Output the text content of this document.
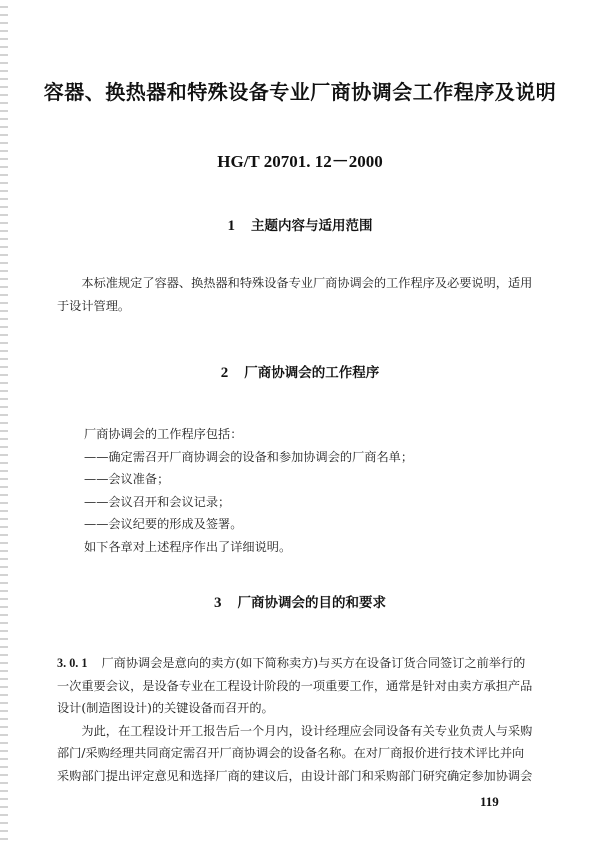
容器、换热器和特殊设备专业厂商协调会工作程序及说明
HG/T 20701. 12－2000
1 主题内容与适用范围
本标准规定了容器、换热器和特殊设备专业厂商协调会的工作程序及必要说明，适用
于设计管理。
2 厂商协调会的工作程序
厂商协调会的工作程序包括：
——确定需召开厂商协调会的设备和参加协调会的厂商名单；
——会议准备；
——会议召开和会议记录；
——会议纪要的形成及签署。
如下各章对上述程序作出了详细说明。
3 厂商协调会的目的和要求
3. 0. 1 厂商协调会是意向的卖方(如下简称卖方)与买方在设备订货合同签订之前举行的
一次重要会议，是设备专业在工程设计阶段的一项重要工作，通常是针对由卖方承担产品
设计(制造图设计)的关键设备而召开的。
为此，在工程设计开工报告后一个月内，设计经理应会同设备有关专业负责人与采购
部门/采购经理共同商定需召开厂商协调会的设备名称。在对厂商报价进行技术评比并向
采购部门提出评定意见和选择厂商的建议后，由设计部门和采购部门研究确定参加协调会
119
